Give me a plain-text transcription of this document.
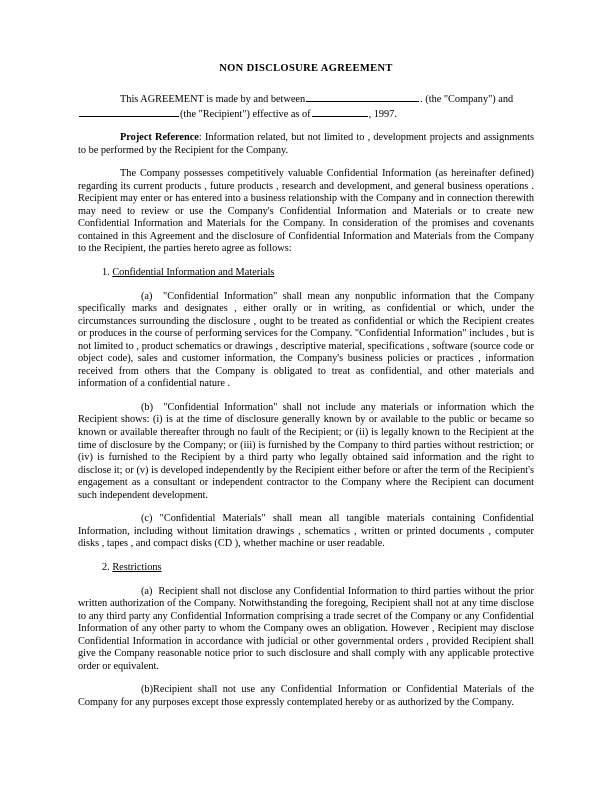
NON DISCLOSURE AGREEMENT

This AGREEMENT is made by and between	. (the "Company") and
(the "Recipient") effective as of	, 1997.

Project Reference: Information related, but not limited to , development projects and assignments to be performed by the Recipient for the Company.

The Company possesses competitively valuable Confidential Information (as hereinafter defined) regarding its current products , future products , research and development, and general business operations . Recipient may enter or has entered into a business relationship with the Company and in connection therewith may need to review or use the Company's Confidential Information and Materials or to create new Confidential Information and Materials for the Company. In consideration of the promises and covenants contained in this Agreement and the disclosure of Confidential Information and Materials from the Company to the Recipient, the parties hereto agree as follows:

1. Confidential Information and Materials

(a) "Confidential Information" shall mean any nonpublic information that the Company specifically marks and designates , either orally or in writing, as confidential or which, under the circumstances surrounding the disclosure , ought to be treated as confidential or which the Recipient creates or produces in the course of performing services for the Company. "Confidential Information" includes , but is not limited to , product schematics or drawings , descriptive material, specifications , software (source code or object code), sales and customer information, the Company's business policies or practices , information received from others that the Company is obligated to treat as confidential, and other materials and information of a confidential nature .

(b) "Confidential Information" shall not include any materials or information which the Recipient shows: (i) is at the time of disclosure generally known by or available to the public or became so known or available thereafter through no fault of the Recipient; or (ii) is legally known to the Recipient at the time of disclosure by the Company; or (iii) is furnished by the Company to third parties without restriction; or (iv) is furnished to the Recipient by a third party who legally obtained said information and the right to disclose it; or (v) is developed independently by the Recipient either before or after the term of the Recipient's engagement as a consultant or independent contractor to the Company where the Recipient can document such independent development.

(c) "Confidential Materials" shall mean all tangible materials containing Confidential Information, including without limitation drawings , schematics , written or printed documents , computer disks , tapes , and compact disks (CD ), whether machine or user readable.

2. Restrictions

(a) Recipient shall not disclose any Confidential Information to third parties without the prior written authorization of the Company. Notwithstanding the foregoing, Recipient shall not at any time disclose to any third party any Confidential Information comprising a trade secret of the Company or any Confidential Information of any other party to whom the Company owes an obligation. However , Recipient may disclose Confidential Information in accordance with judicial or other governmental orders , provided Recipient shall give the Company reasonable notice prior to such disclosure and shall comply with any applicable protective order or equivalent.

(b)Recipient shall not use any Confidential Information or Confidential Materials of the Company for any purposes except those expressly contemplated hereby or as authorized by the Company.
